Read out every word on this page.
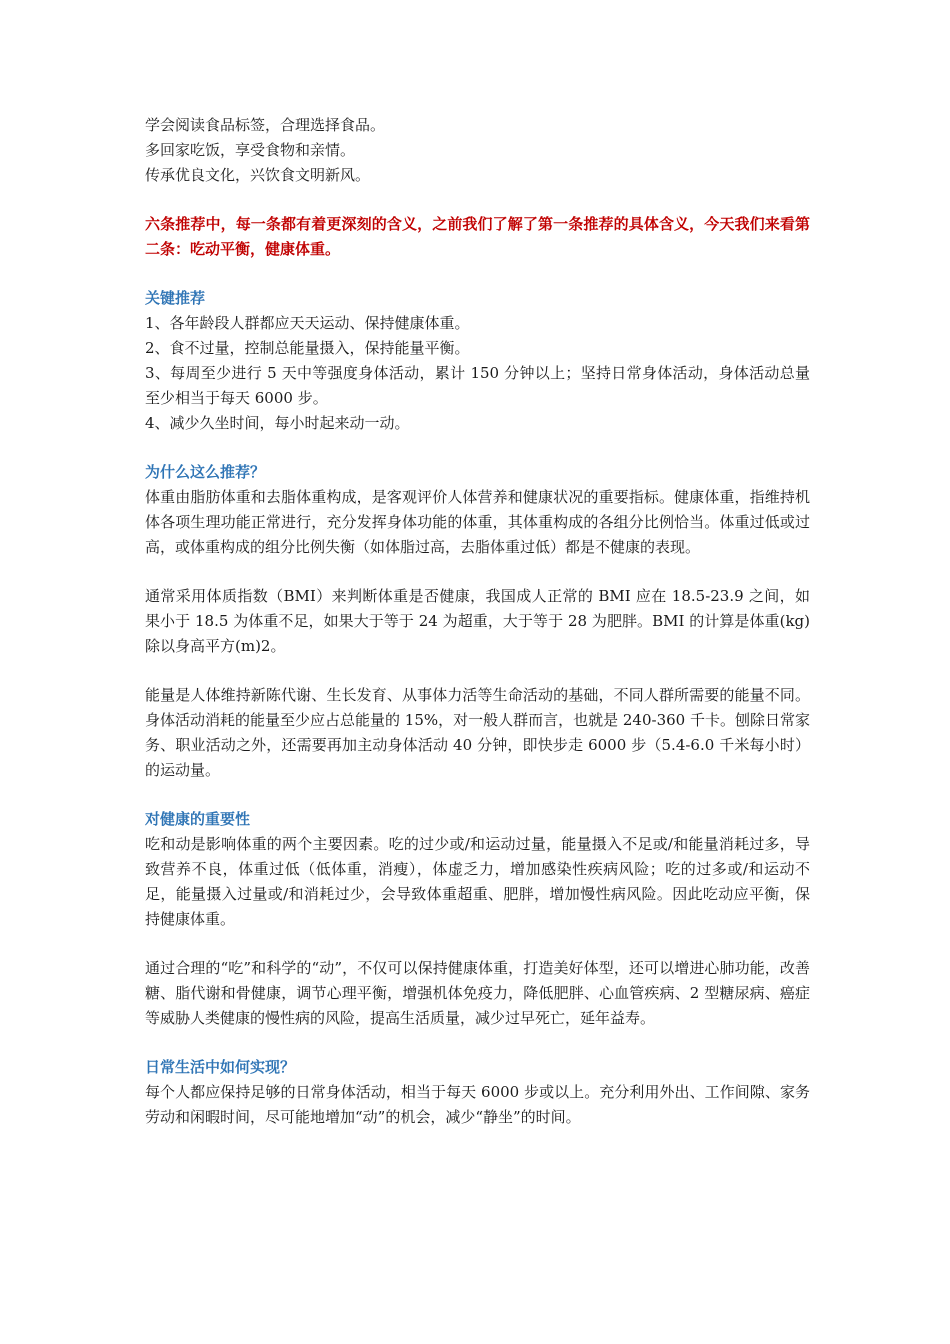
学会阅读食品标签，合理选择食品。
多回家吃饭，享受食物和亲情。
传承优良文化，兴饮食文明新风。

六条推荐中，每一条都有着更深刻的含义，之前我们了解了第一条推荐的具体含义，今天我们来看第二条：吃动平衡，健康体重。

关键推荐

1、各年龄段人群都应天天运动、保持健康体重。

2、食不过量，控制总能量摄入，保持能量平衡。

3、每周至少进行 5 天中等强度身体活动，累计 150 分钟以上；坚持日常身体活动，身体活动总量至少相当于每天 6000 步。

4、减少久坐时间，每小时起来动一动。

为什么这么推荐？

体重由脂肪体重和去脂体重构成，是客观评价人体营养和健康状况的重要指标。健康体重，指维持机体各项生理功能正常进行，充分发挥身体功能的体重，其体重构成的各组分比例恰当。体重过低或过高，或体重构成的组分比例失衡（如体脂过高，去脂体重过低）都是不健康的表现。

通常采用体质指数（BMI）来判断体重是否健康，我国成人正常的 BMI 应在 18.5-23.9 之间，如果小于 18.5 为体重不足，如果大于等于 24 为超重，大于等于 28 为肥胖。BMI 的计算是体重(kg)除以身高平方(m)2。

能量是人体维持新陈代谢、生长发育、从事体力活等生命活动的基础，不同人群所需要的能量不同。身体活动消耗的能量至少应占总能量的 15%，对一般人群而言，也就是 240-360 千卡。刨除日常家务、职业活动之外，还需要再加主动身体活动 40 分钟，即快步走 6000 步（5.4-6.0 千米每小时）的运动量。

对健康的重要性

吃和动是影响体重的两个主要因素。吃的过少或/和运动过量，能量摄入不足或/和能量消耗过多，导致营养不良，体重过低（低体重，消瘦），体虚乏力，增加感染性疾病风险；吃的过多或/和运动不足，能量摄入过量或/和消耗过少，会导致体重超重、肥胖，增加慢性病风险。因此吃动应平衡，保持健康体重。

通过合理的“吃”和科学的“动”，不仅可以保持健康体重，打造美好体型，还可以增进心肺功能，改善糖、脂代谢和骨健康，调节心理平衡，增强机体免疫力，降低肥胖、心血管疾病、2 型糖尿病、癌症等威胁人类健康的慢性病的风险，提高生活质量，减少过早死亡，延年益寿。

日常生活中如何实现？

每个人都应保持足够的日常身体活动，相当于每天 6000 步或以上。充分利用外出、工作间隙、家务劳动和闲暇时间，尽可能地增加“动”的机会，减少“静坐”的时间。
